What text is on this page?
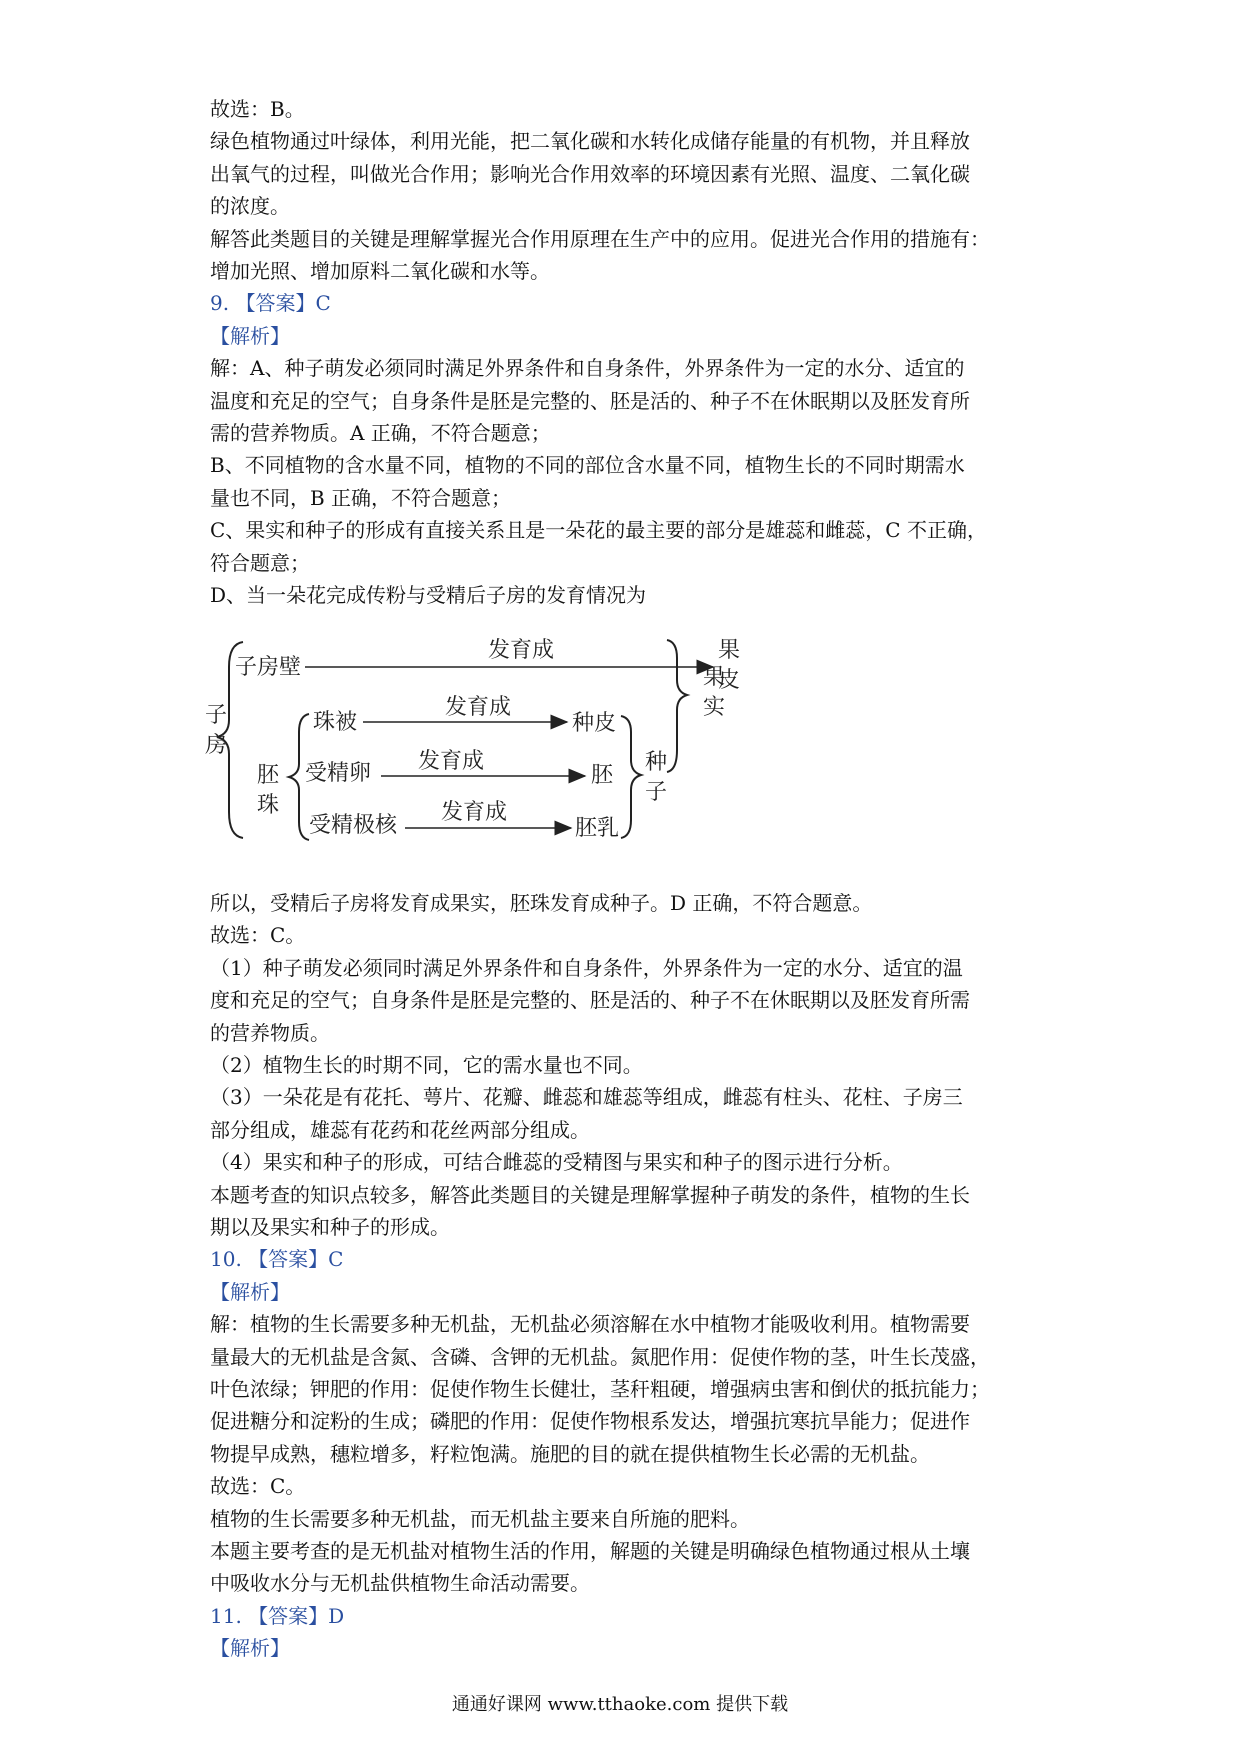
故选：B。
绿色植物通过叶绿体，利用光能，把二氧化碳和水转化成储存能量的有机物，并且释放
出氧气的过程，叫做光合作用；影响光合作用效率的环境因素有光照、温度、二氧化碳
的浓度。
解答此类题目的关键是理解掌握光合作用原理在生产中的应用。促进光合作用的措施有：
增加光照、增加原料二氧化碳和水等。
9. 【答案】C
【解析】
解：A、种子萌发必须同时满足外界条件和自身条件，外界条件为一定的水分、适宜的
温度和充足的空气；自身条件是胚是完整的、胚是活的、种子不在休眠期以及胚发育所
需的营养物质。A 正确，不符合题意；
B、不同植物的含水量不同，植物的不同的部位含水量不同，植物生长的不同时期需水
量也不同，B 正确，不符合题意；
C、果实和种子的形成有直接关系且是一朵花的最主要的部分是雄蕊和雌蕊，C 不正确，
符合题意；
D、当一朵花完成传粉与受精后子房的发育情况为
子
房
子房壁
发育成	果
皮
胚
珠
珠被
发育成
种皮
受精卵 发育成
胚
受精极核
发育成
胚乳
种
子
果
实
所以，受精后子房将发育成果实，胚珠发育成种子。D 正确，不符合题意。
故选：C。
（1）种子萌发必须同时满足外界条件和自身条件，外界条件为一定的水分、适宜的温
度和充足的空气；自身条件是胚是完整的、胚是活的、种子不在休眠期以及胚发育所需
的营养物质。
（2）植物生长的时期不同，它的需水量也不同。
（3）一朵花是有花托、萼片、花瓣、雌蕊和雄蕊等组成，雌蕊有柱头、花柱、子房三
部分组成，雄蕊有花药和花丝两部分组成。
（4）果实和种子的形成，可结合雌蕊的受精图与果实和种子的图示进行分析。
本题考查的知识点较多，解答此类题目的关键是理解掌握种子萌发的条件，植物的生长
期以及果实和种子的形成。
10. 【答案】C
【解析】
解：植物的生长需要多种无机盐，无机盐必须溶解在水中植物才能吸收利用。植物需要
量最大的无机盐是含氮、含磷、含钾的无机盐。氮肥作用：促使作物的茎，叶生长茂盛，
叶色浓绿；钾肥的作用：促使作物生长健壮，茎秆粗硬，增强病虫害和倒伏的抵抗能力；
促进糖分和淀粉的生成；磷肥的作用：促使作物根系发达，增强抗寒抗旱能力；促进作
物提早成熟，穗粒增多，籽粒饱满。施肥的目的就在提供植物生长必需的无机盐。
故选：C。
植物的生长需要多种无机盐，而无机盐主要来自所施的肥料。
本题主要考查的是无机盐对植物生活的作用，解题的关键是明确绿色植物通过根从土壤
中吸收水分与无机盐供植物生命活动需要。
11. 【答案】D
【解析】
通通好课网 www.tthaoke.com 提供下载
